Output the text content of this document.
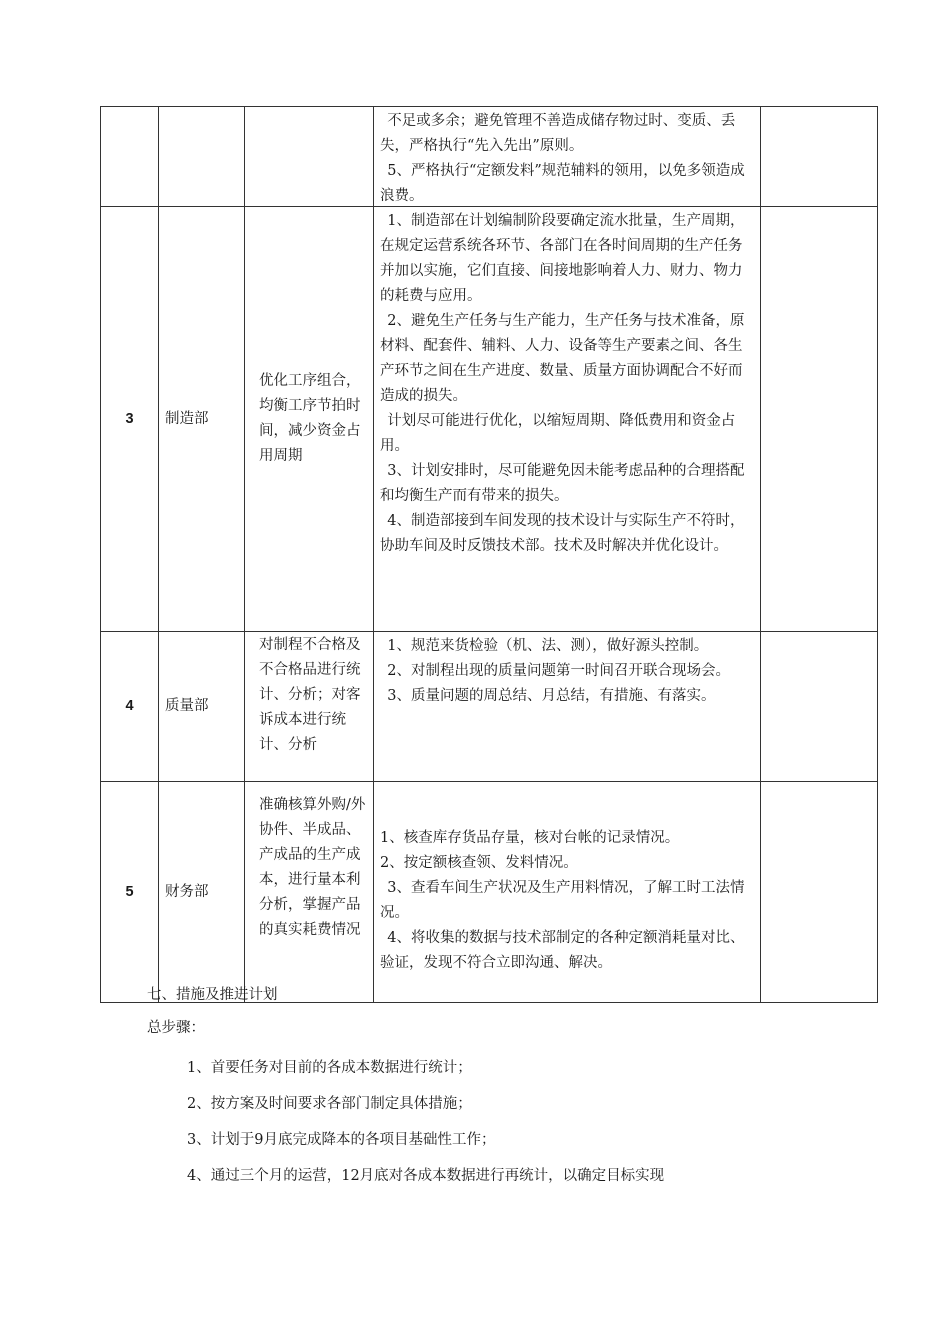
			不足或多余；避免管理不善造成储存物过时、变质、丢失，严格执行“先入先出”原则。

5、严格执行“定额发料”规范辅料的领用，以免多领造成浪费。	

3	制造部	优化工序组合，均衡工序节拍时间，减少资金占用周期	1、制造部在计划编制阶段要确定流水批量，生产周期，在规定运营系统各环节、各部门在各时间周期的生产任务并加以实施，它们直接、间接地影响着人力、财力、物力的耗费与应用。

2、避免生产任务与生产能力，生产任务与技术准备，原材料、配套件、辅料、人力、设备等生产要素之间、各生产环节之间在生产进度、数量、质量方面协调配合不好而造成的损失。

计划尽可能进行优化，以缩短周期、降低费用和资金占用。

3、计划安排时，尽可能避免因未能考虑品种的合理搭配和均衡生产而有带来的损失。

4、制造部接到车间发现的技术设计与实际生产不符时，协助车间及时反馈技术部。技术及时解决并优化设计。	

4	质量部	对制程不合格及不合格品进行统计、分析；对客诉成本进行统计、分析	1、规范来货检验（机、法、测），做好源头控制。

2、对制程出现的质量问题第一时间召开联合现场会。

3、质量问题的周总结、月总结，有措施、有落实。	

5	财务部	准确核算外购/外协件、半成品、产成品的生产成本，进行量本利分析，掌握产品的真实耗费情况	1、核查库存货品存量，核对台帐的记录情况。

2、按定额核查领、发料情况。

3、查看车间生产状况及生产用料情况，了解工时工法情况。

4、将收集的数据与技术部制定的各种定额消耗量对比、验证，发现不符合立即沟通、解决。	

七、措施及推进计划
总步骤：
1、首要任务对目前的各成本数据进行统计；
2、按方案及时间要求各部门制定具体措施；
3、计划于9月底完成降本的各项目基础性工作；
4、通过三个月的运营，12月底对各成本数据进行再统计，以确定目标实现
